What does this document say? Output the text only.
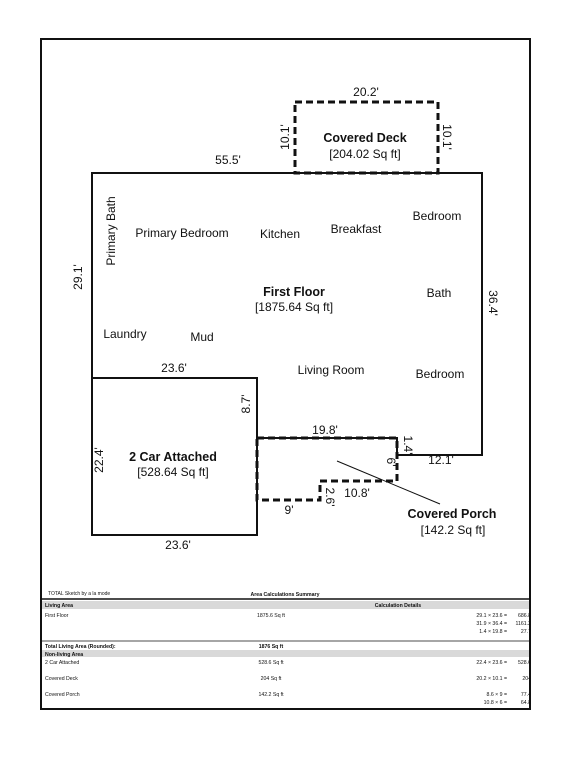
Primary Bath Primary Bedroom	Kitchen	Breakfast
Bedroom
Bath
Laundry	Mud
Living Room	Bedroom
First Floor
[1875.64 Sq ft]
Covered Deck
[204.02 Sq ft]
2 Car Attached
[528.64 Sq ft]
Covered Porch
[142.2 Sq ft]
20.2'
10.1'	10.1'
55.5'
29.1'
36.4'
23.6'
8.7'
22.4'
23.6'
19.8'
1.4'
12.1'
6'
2.6' 10.8'
9'
TOTAL Sketch by a la mode	Area Calculations Summary
Living Area	Calculation Details
First Floor	1875.6 Sq ft	29.1 × 23.6 = 686.8
31.9 × 36.4 = 1161.2
1.4 × 19.8 =	27.7
Total Living Area (Rounded):	1876 Sq ft
Non-living Area
2 Car Attached	528.6 Sq ft	22.4 × 23.6 = 528.6
Covered Deck	204 Sq ft	20.2 × 10.1 =	204
Covered Porch	142.2 Sq ft	8.6 × 9 =	77.4
10.8 × 6 =	64.8
